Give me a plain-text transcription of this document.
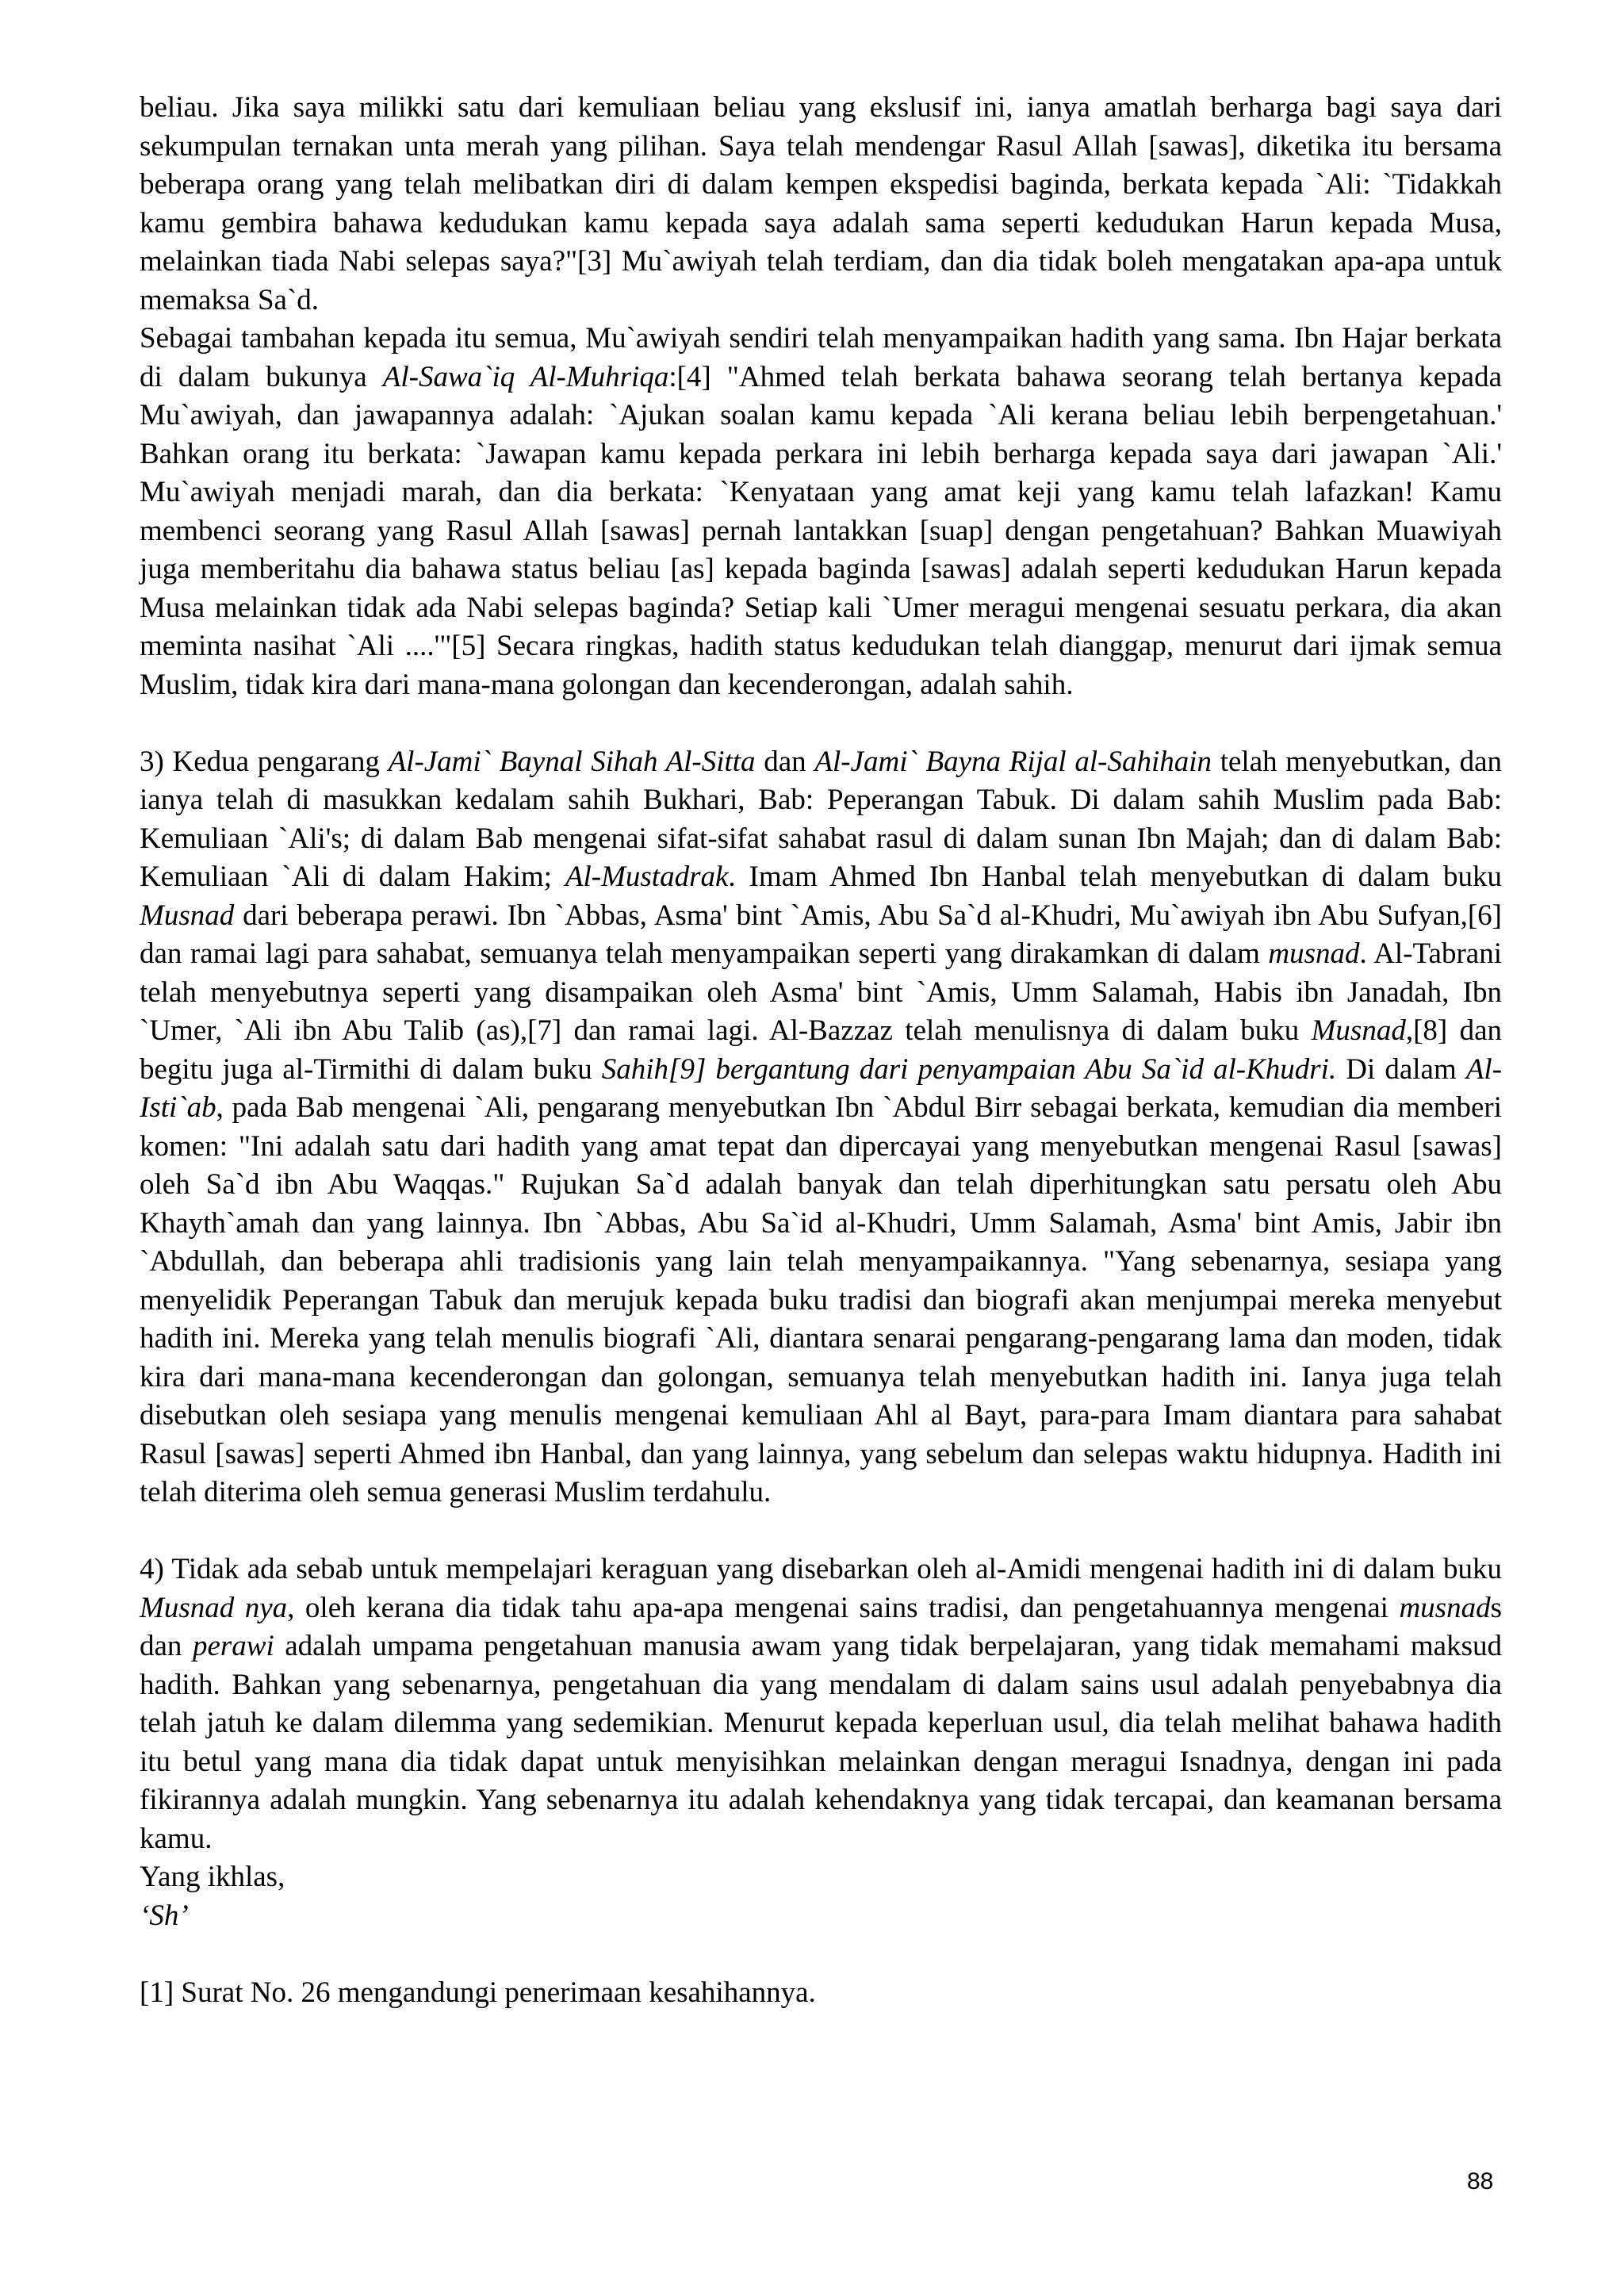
beliau. Jika saya milikki satu dari kemuliaan beliau yang ekslusif ini, ianya amatlah berharga bagi saya dari sekumpulan ternakan unta merah yang pilihan. Saya telah mendengar Rasul Allah [sawas], diketika itu bersama beberapa orang yang telah melibatkan diri di dalam kempen ekspedisi baginda, berkata kepada `Ali: `Tidakkah kamu gembira bahawa kedudukan kamu kepada saya adalah sama seperti kedudukan Harun kepada Musa, melainkan tiada Nabi selepas saya?"[3] Mu`awiyah telah terdiam, dan dia tidak boleh mengatakan apa-apa untuk memaksa Sa`d.

Sebagai tambahan kepada itu semua, Mu`awiyah sendiri telah menyampaikan hadith yang sama. Ibn Hajar berkata di dalam bukunya Al-Sawa`iq Al-Muhriqa:[4] "Ahmed telah berkata bahawa seorang telah bertanya kepada Mu`awiyah, dan jawapannya adalah: `Ajukan soalan kamu kepada `Ali kerana beliau lebih berpengetahuan.' Bahkan orang itu berkata: `Jawapan kamu kepada perkara ini lebih berharga kepada saya dari jawapan `Ali.' Mu`awiyah menjadi marah, dan dia berkata: `Kenyataan yang amat keji yang kamu telah lafazkan! Kamu membenci seorang yang Rasul Allah [sawas] pernah lantakkan [suap] dengan pengetahuan? Bahkan Muawiyah juga memberitahu dia bahawa status beliau [as] kepada baginda [sawas] adalah seperti kedudukan Harun kepada Musa melainkan tidak ada Nabi selepas baginda? Setiap kali `Umer meragui mengenai sesuatu perkara, dia akan meminta nasihat `Ali ....'"[5] Secara ringkas, hadith status kedudukan telah dianggap, menurut dari ijmak semua Muslim, tidak kira dari mana-mana golongan dan kecenderongan, adalah sahih.

3) Kedua pengarang Al-Jami` Baynal Sihah Al-Sitta dan Al-Jami` Bayna Rijal al-Sahihain telah menyebutkan, dan ianya telah di masukkan kedalam sahih Bukhari, Bab: Peperangan Tabuk. Di dalam sahih Muslim pada Bab: Kemuliaan `Ali's; di dalam Bab mengenai sifat-sifat sahabat rasul di dalam sunan Ibn Majah; dan di dalam Bab: Kemuliaan `Ali di dalam Hakim; Al-Mustadrak. Imam Ahmed Ibn Hanbal telah menyebutkan di dalam buku Musnad dari beberapa perawi. Ibn `Abbas, Asma' bint `Amis, Abu Sa`d al-Khudri, Mu`awiyah ibn Abu Sufyan,[6] dan ramai lagi para sahabat, semuanya telah menyampaikan seperti yang dirakamkan di dalam musnad. Al-Tabrani telah menyebutnya seperti yang disampaikan oleh Asma' bint `Amis, Umm Salamah, Habis ibn Janadah, Ibn `Umer, `Ali ibn Abu Talib (as),[7] dan ramai lagi. Al-Bazzaz telah menulisnya di dalam buku Musnad,[8] dan begitu juga al-Tirmithi di dalam buku Sahih[9] bergantung dari penyampaian Abu Sa`id al-Khudri. Di dalam Al-Isti`ab, pada Bab mengenai `Ali, pengarang menyebutkan Ibn `Abdul Birr sebagai berkata, kemudian dia memberi komen: "Ini adalah satu dari hadith yang amat tepat dan dipercayai yang menyebutkan mengenai Rasul [sawas] oleh Sa`d ibn Abu Waqqas." Rujukan Sa`d adalah banyak dan telah diperhitungkan satu persatu oleh Abu Khayth`amah dan yang lainnya. Ibn `Abbas, Abu Sa`id al-Khudri, Umm Salamah, Asma' bint Amis, Jabir ibn `Abdullah, dan beberapa ahli tradisionis yang lain telah menyampaikannya. "Yang sebenarnya, sesiapa yang menyelidik Peperangan Tabuk dan merujuk kepada buku tradisi dan biografi akan menjumpai mereka menyebut hadith ini. Mereka yang telah menulis biografi `Ali, diantara senarai pengarang-pengarang lama dan moden, tidak kira dari mana-mana kecenderongan dan golongan, semuanya telah menyebutkan hadith ini. Ianya juga telah disebutkan oleh sesiapa yang menulis mengenai kemuliaan Ahl al Bayt, para-para Imam diantara para sahabat Rasul [sawas] seperti Ahmed ibn Hanbal, dan yang lainnya, yang sebelum dan selepas waktu hidupnya. Hadith ini telah diterima oleh semua generasi Muslim terdahulu.

4) Tidak ada sebab untuk mempelajari keraguan yang disebarkan oleh al-Amidi mengenai hadith ini di dalam buku Musnad nya, oleh kerana dia tidak tahu apa-apa mengenai sains tradisi, dan pengetahuannya mengenai musnads dan perawi adalah umpama pengetahuan manusia awam yang tidak berpelajaran, yang tidak memahami maksud hadith. Bahkan yang sebenarnya, pengetahuan dia yang mendalam di dalam sains usul adalah penyebabnya dia telah jatuh ke dalam dilemma yang sedemikian. Menurut kepada keperluan usul, dia telah melihat bahawa hadith itu betul yang mana dia tidak dapat untuk menyisihkan melainkan dengan meragui Isnadnya, dengan ini pada fikirannya adalah mungkin. Yang sebenarnya itu adalah kehendaknya yang tidak tercapai, dan keamanan bersama kamu.

Yang ikhlas,

‘Sh’

[1] Surat No. 26 mengandungi penerimaan kesahihannya.

88
